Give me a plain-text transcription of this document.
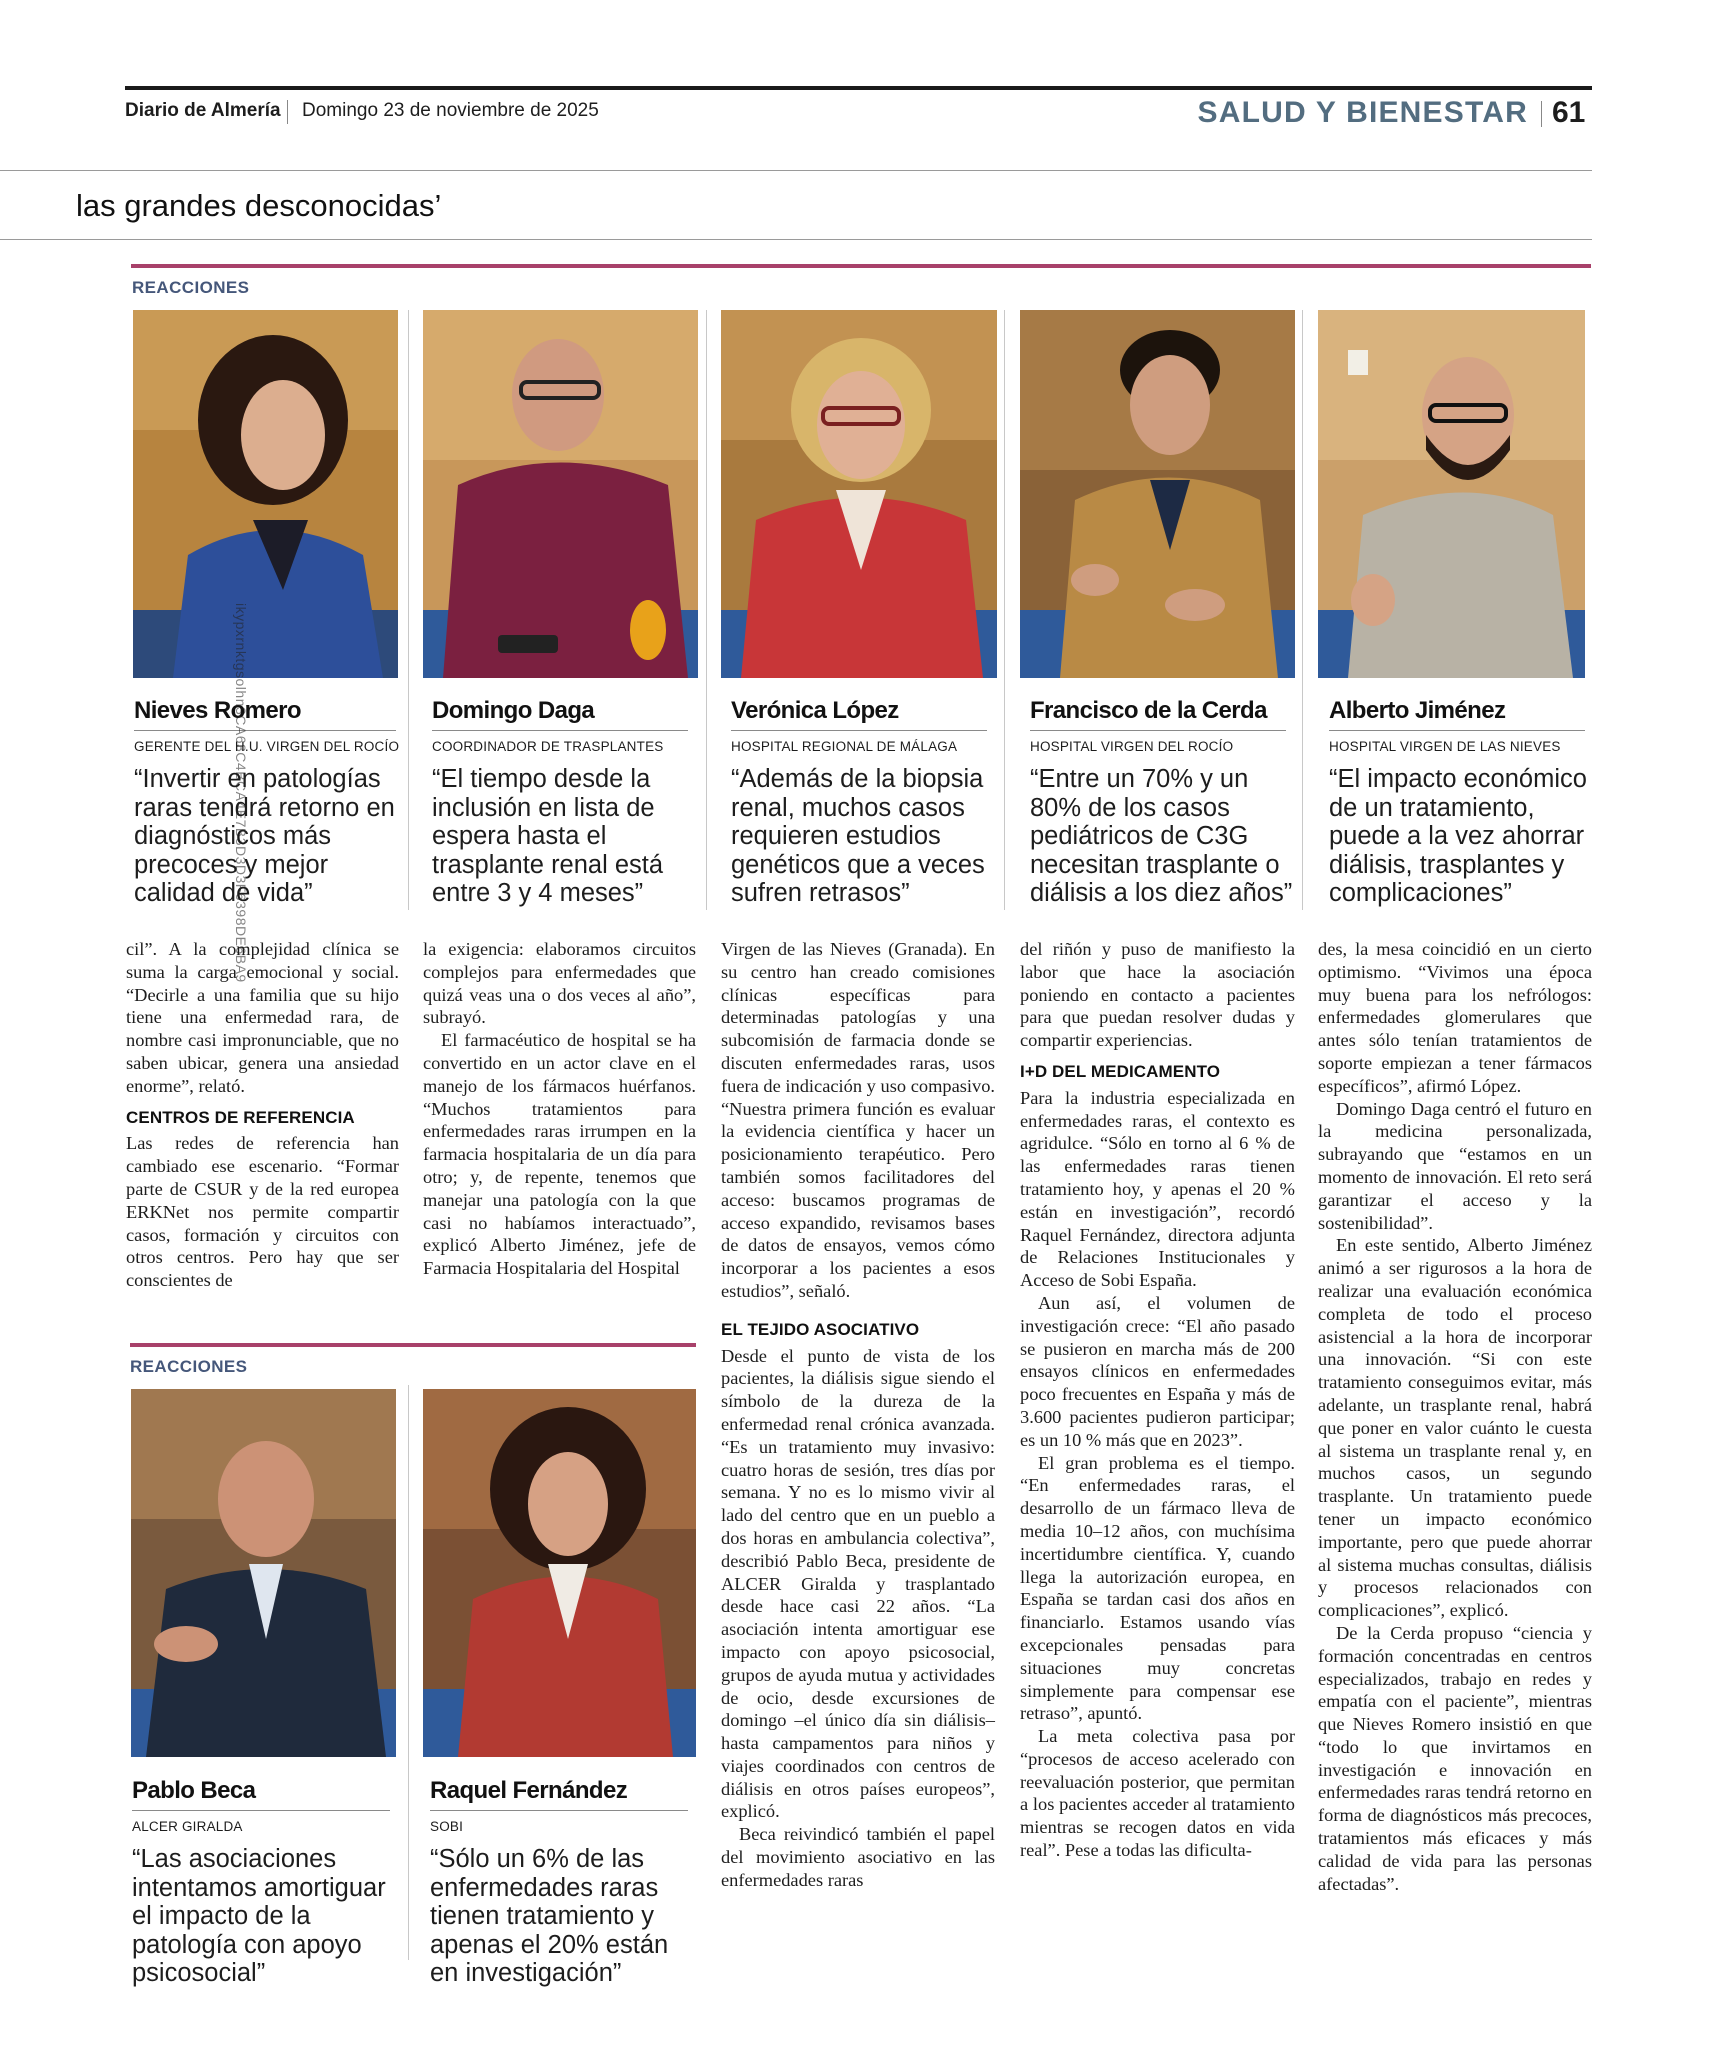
Diario de Almería Domingo 23 de noviembre de 2025	SALUD Y BIENESTAR 61
las grandes desconocidas’
REACCIONES
Nieves Romero
GERENTE DEL H.U. VIRGEN DEL ROCÍO
“Invertir en patologías raras tendrá retorno en diagnósticos más precoces y mejor calidad de vida”
Domingo Daga
COORDINADOR DE TRASPLANTES
“El tiempo desde la inclusión en lista de espera hasta el trasplante renal está entre 3 y 4 meses”
Verónica López
HOSPITAL REGIONAL DE MÁLAGA
“Además de la biopsia renal, muchos casos requieren estudios genéticos que a veces sufren retrasos”
Francisco de la Cerda
HOSPITAL VIRGEN DEL ROCÍO
“Entre un 70% y un 80% de los casos pediátricos de C3G necesitan trasplante o diálisis a los diez años”
Alberto Jiménez
HOSPITAL VIRGEN DE LAS NIEVES
“El impacto económico de un tratamiento, puede a la vez ahorrar diálisis, trasplantes y complicaciones”

cil”. A la complejidad clínica se suma la carga emocional y social. “Decirle a una familia que su hijo tiene una enfermedad rara, de nombre casi impronunciable, que no saben ubicar, genera una ansiedad enorme”, relató.

CENTROS DE REFERENCIA

Las redes de referencia han cambiado ese escenario. “Formar parte de CSUR y de la red europea ERKNet nos permite compartir casos, formación y circuitos con otros centros. Pero hay que ser conscientes de

la exigencia: elaboramos circuitos complejos para enfermedades que quizá veas una o dos veces al año”, subrayó.

El farmacéutico de hospital se ha convertido en un actor clave en el manejo de los fármacos huérfanos. “Muchos tratamientos para enfermedades raras irrumpen en la farmacia hospitalaria de un día para otro; y, de repente, tenemos que manejar una patología con la que casi no habíamos interactuado”, explicó Alberto Jiménez, jefe de Farmacia Hospitalaria del Hospital

Virgen de las Nieves (Granada). En su centro han creado comisiones clínicas específicas para determinadas patologías y una subcomisión de farmacia donde se discuten enfermedades raras, usos fuera de indicación y uso compasivo. “Nuestra primera función es evaluar la evidencia científica y hacer un posicionamiento terapéutico. Pero también somos facilitadores del acceso: buscamos programas de acceso expandido, revisamos bases de datos de ensayos, vemos cómo incorporar a los pacientes a esos estudios”, señaló.

EL TEJIDO ASOCIATIVO

Desde el punto de vista de los pacientes, la diálisis sigue siendo el símbolo de la dureza de la enfermedad renal crónica avanzada. “Es un tratamiento muy invasivo: cuatro horas de sesión, tres días por semana. Y no es lo mismo vivir al lado del centro que en un pueblo a dos horas en ambulancia colectiva”, describió Pablo Beca, presidente de ALCER Giralda y trasplantado desde hace casi 22 años. “La asociación intenta amortiguar ese impacto con apoyo psicosocial, grupos de ayuda mutua y actividades de ocio, desde excursiones de domingo –el único día sin diálisis– hasta campamentos para niños y viajes coordinados con centros de diálisis en otros países europeos”, explicó.

Beca reivindicó también el papel del movimiento asociativo en las enfermedades raras

del riñón y puso de manifiesto la labor que hace la asociación poniendo en contacto a pacientes para que puedan resolver dudas y compartir experiencias.

I+D DEL MEDICAMENTO

Para la industria especializada en enfermedades raras, el contexto es agridulce. “Sólo en torno al 6 % de las enfermedades raras tienen tratamiento hoy, y apenas el 20 % están en investigación”, recordó Raquel Fernández, directora adjunta de Relaciones Institucionales y Acceso de Sobi España.

Aun así, el volumen de investigación crece: “El año pasado se pusieron en marcha más de 200 ensayos clínicos en enfermedades poco frecuentes en España y más de 3.600 pacientes pudieron participar; es un 10 % más que en 2023”.

El gran problema es el tiempo. “En enfermedades raras, el desarrollo de un fármaco lleva de media 10–12 años, con muchísima incertidumbre científica. Y, cuando llega la autorización europea, en España se tardan casi dos años en financiarlo. Estamos usando vías excepcionales pensadas para situaciones muy concretas simplemente para compensar ese retraso”, apuntó.

La meta colectiva pasa por “procesos de acceso acelerado con reevaluación posterior, que permitan a los pacientes acceder al tratamiento mientras se recogen datos en vida real”. Pese a todas las dificulta-

des, la mesa coincidió en un cierto optimismo. “Vivimos una época muy buena para los nefrólogos: enfermedades glomerulares que antes sólo tenían tratamientos de soporte empiezan a tener fármacos específicos”, afirmó López.

Domingo Daga centró el futuro en la medicina personalizada, subrayando que “estamos en un momento de innovación. El reto será garantizar el acceso y la sostenibilidad”.

En este sentido, Alberto Jiménez animó a ser rigurosos a la hora de realizar una evaluación económica completa de todo el proceso asistencial a la hora de incorporar una innovación. “Si con este tratamiento conseguimos evitar, más adelante, un trasplante renal, habrá que poner en valor cuánto le cuesta al sistema un trasplante renal y, en muchos casos, un segundo trasplante. Un tratamiento puede tener un impacto económico importante, pero que puede ahorrar al sistema muchas consultas, diálisis y procesos relacionados con complicaciones”, explicó.

De la Cerda propuso “ciencia y formación concentradas en centros especializados, trabajo en redes y empatía con el paciente”, mientras que Nieves Romero insistió en que “todo lo que invirtamos en investigación e innovación en enfermedades raras tendrá retorno en forma de diagnósticos más precoces, tratamientos más eficaces y más calidad de vida para las personas afectadas”.

REACCIONES
Pablo Beca
ALCER GIRALDA
“Las asociaciones intentamos amortiguar el impacto de la patología con apoyo psicosocial”
Raquel Fernández
SOBI
“Sólo un 6% de las enfermedades raras tienen tratamiento y apenas el 20% están en investigación”
ikypxrnktgsolhn3CA63C4BCA4E7B3D3D3F6398DE6BA9
